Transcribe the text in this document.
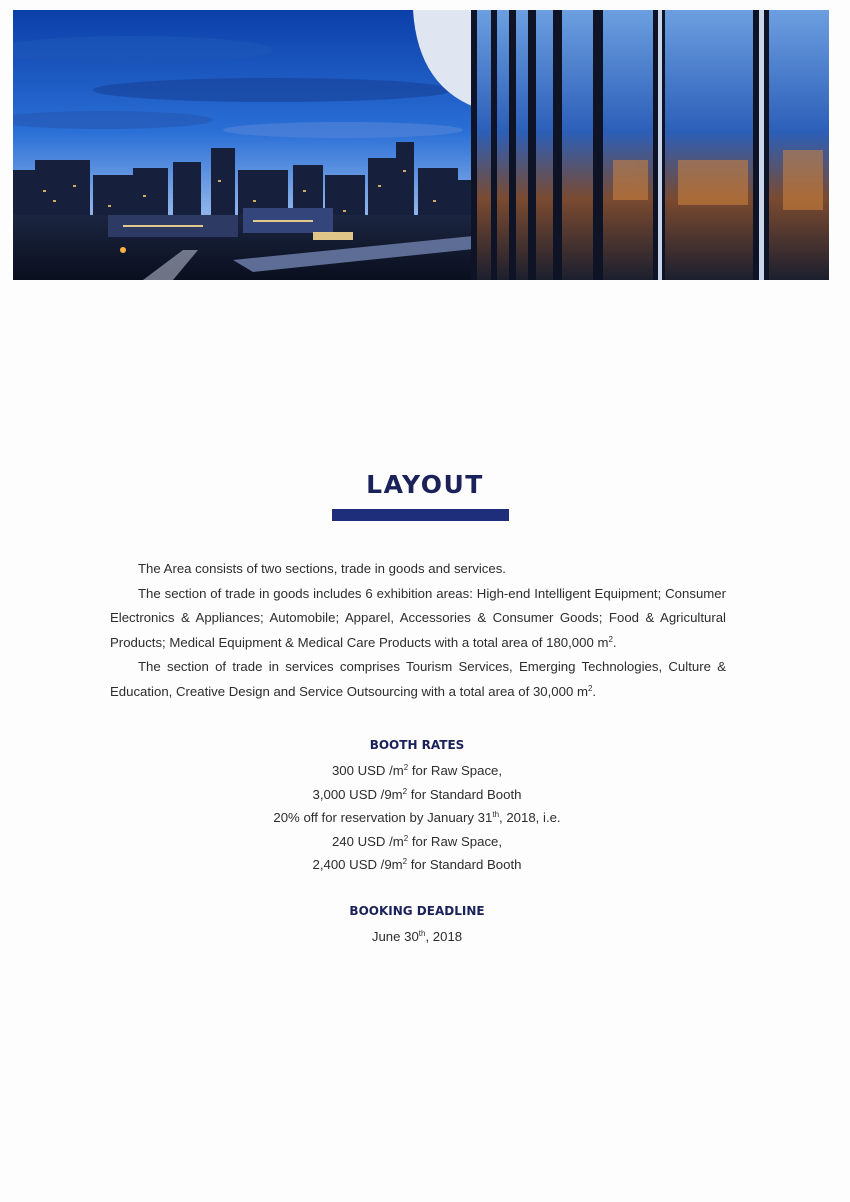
LAYOUT

The Area consists of two sections, trade in goods and services.

The section of trade in goods includes 6 exhibition areas: High-end Intelligent Equipment; Consumer Electronics & Appliances; Automobile; Apparel, Accessories & Consumer Goods; Food & Agricultural Products; Medical Equipment & Medical Care Products with a total area of 180,000 $m^2$.

The section of trade in services comprises Tourism Services, Emerging Technologies, Culture & Education, Creative Design and Service Outsourcing with a total area of 30,000 $m^2$.

BOOTH RATES
300 USD $/m^2$ for Raw Space,
3,000 USD $/9m^2$ for Standard Booth
20% off for reservation by January 31th, 2018, i.e.
240 USD $/m^2$ for Raw Space,
2,400 USD $/9m^2$ for Standard Booth
BOOKING DEADLINE
June 30th, 2018
